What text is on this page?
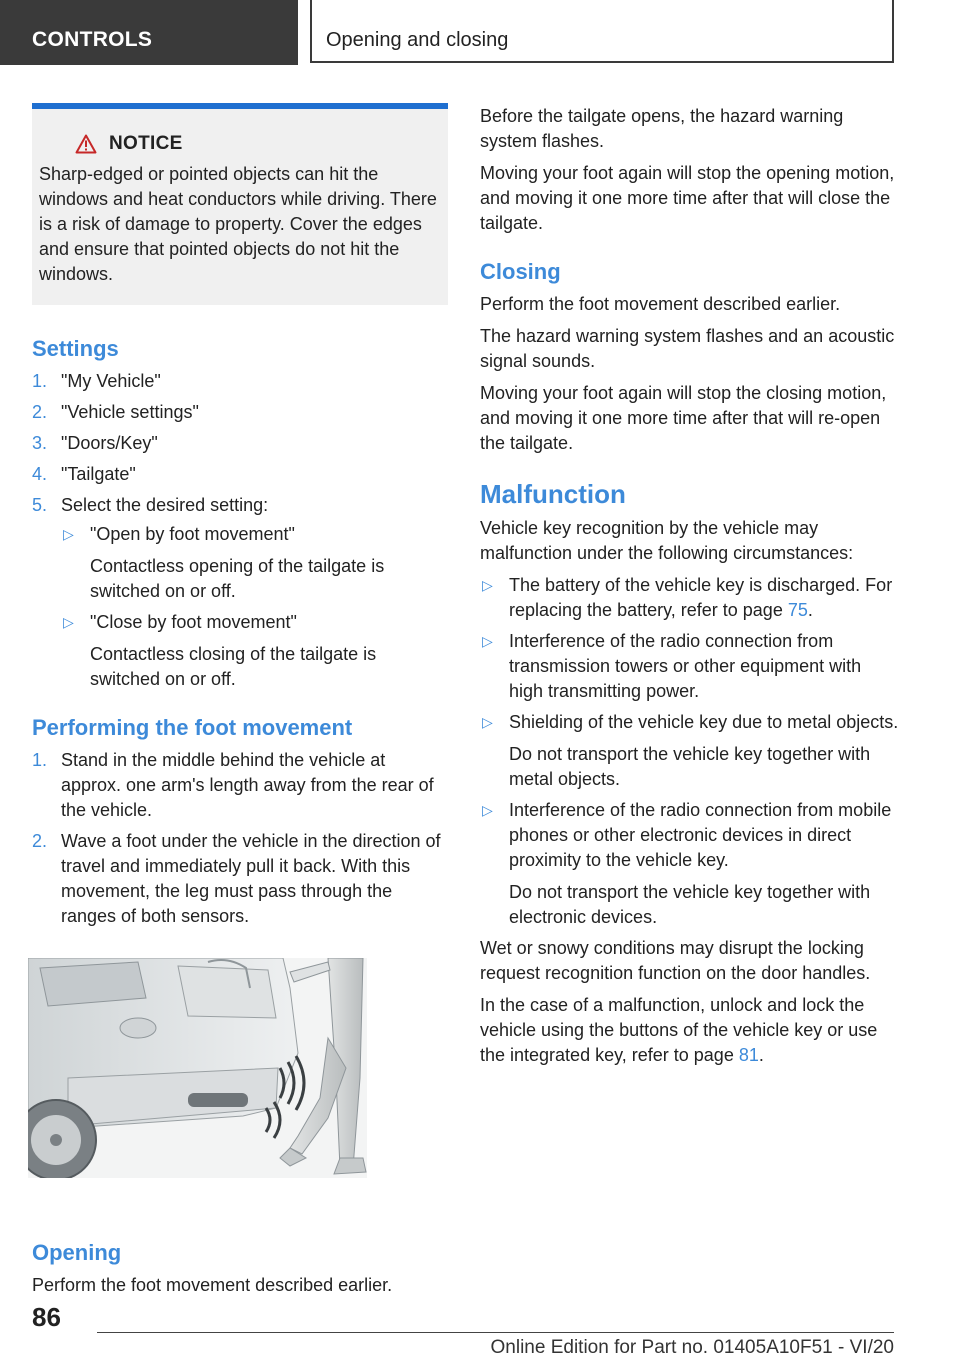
CONTROLS	Opening and closing
NOTICE

Sharp-edged or pointed objects can hit the windows and heat conductors while driving. There is a risk of damage to property. Cover the edges and ensure that pointed objects do not hit the windows.

Settings
1. "My Vehicle"
2. "Vehicle settings"
3. "Doors/Key"
4. "Tailgate"
5. Select the desired setting:
▷ "Open by foot movement"

Contactless opening of the tailgate is switched on or off.

▷ "Close by foot movement"

Contactless closing of the tailgate is switched on or off.

Performing the foot movement
1. Stand in the middle behind the vehicle at approx. one arm's length away from the rear of the vehicle.
2. Wave a foot under the vehicle in the direction of travel and immediately pull it back. With this movement, the leg must pass through the ranges of both sensors.
Opening

Perform the foot movement described earlier.

Before the tailgate opens, the hazard warning system flashes.

Moving your foot again will stop the opening motion, and moving it one more time after that will close the tailgate.

Closing

Perform the foot movement described earlier.

The hazard warning system flashes and an acoustic signal sounds.

Moving your foot again will stop the closing motion, and moving it one more time after that will re-open the tailgate.

Malfunction

Vehicle key recognition by the vehicle may malfunction under the following circumstances:

▷ The battery of the vehicle key is discharged. For replacing the battery, refer to page 75.
▷ Interference of the radio connection from transmission towers or other equipment with high transmitting power.
▷ Shielding of the vehicle key due to metal objects.

Do not transport the vehicle key together with metal objects.

▷ Interference of the radio connection from mobile phones or other electronic devices in direct proximity to the vehicle key.

Do not transport the vehicle key together with electronic devices.

Wet or snowy conditions may disrupt the locking request recognition function on the door handles.

In the case of a malfunction, unlock and lock the vehicle using the buttons of the vehicle key or use the integrated key, refer to page 81.

86
Online Edition for Part no. 01405A10F51 - VI/20
